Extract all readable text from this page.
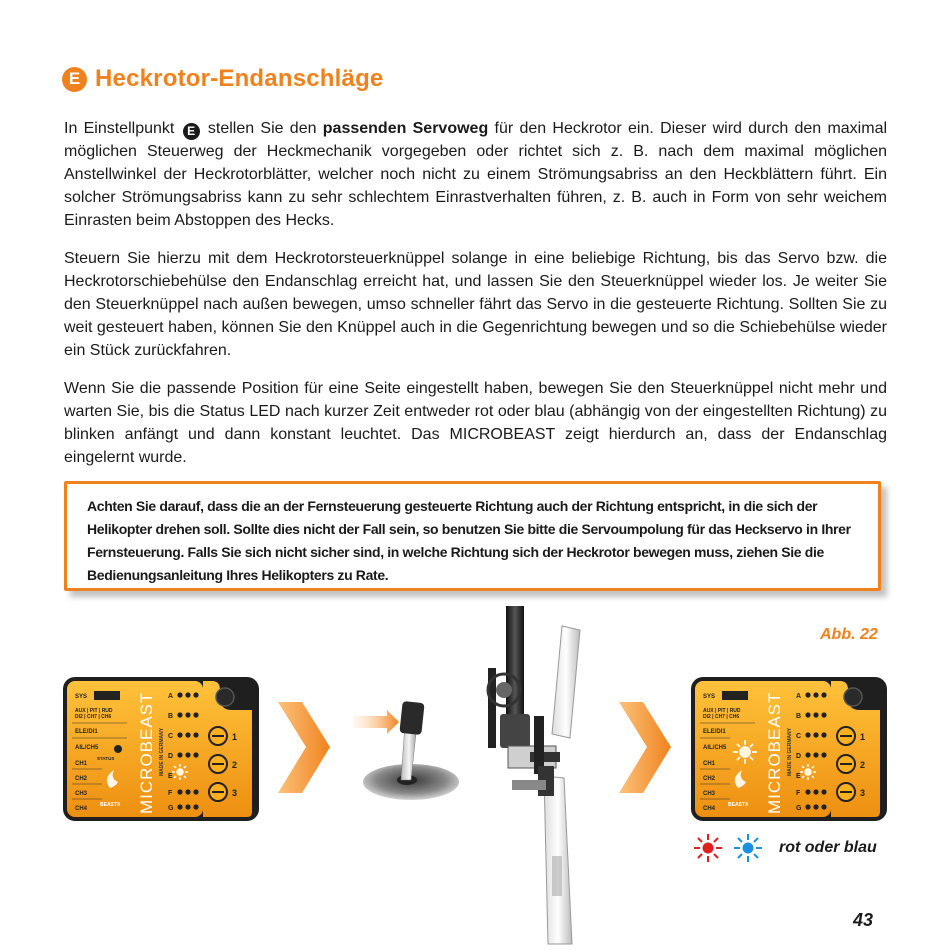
E Heckrotor-Endanschläge

In Einstellpunkt E stellen Sie den passenden Servoweg für den Heckrotor ein. Dieser wird durch den maximal möglichen Steuerweg der Heckmechanik vorgegeben oder richtet sich z. B. nach dem maximal möglichen Anstellwinkel der Heckrotorblätter, welcher noch nicht zu einem Strömungsabriss an den Heckblättern führt. Ein solcher Strömungsabriss kann zu sehr schlechtem Einrastverhalten führen, z. B. auch in Form von sehr weichem Einrasten beim Abstoppen des Hecks.

Steuern Sie hierzu mit dem Heckrotorsteuerknüppel solange in eine beliebige Richtung, bis das Servo bzw. die Heckrotorschiebehülse den Endanschlag erreicht hat, und lassen Sie den Steuerknüppel wieder los. Je weiter Sie den Steuerknüppel nach außen bewegen, umso schneller fährt das Servo in die gesteuerte Richtung. Sollten Sie zu weit gesteuert haben, können Sie den Knüppel auch in die Gegenrichtung bewegen und so die Schiebehülse wieder ein Stück zurückfahren.

Wenn Sie die passende Position für eine Seite eingestellt haben, bewegen Sie den Steuerknüppel nicht mehr und warten Sie, bis die Status LED nach kurzer Zeit entweder rot oder blau (abhängig von der eingestellten Richtung) zu blinken anfängt und dann konstant leuchtet. Das MICROBEAST zeigt hierdurch an, dass der Endanschlag eingelernt wurde.

Achten Sie darauf, dass die an der Fernsteuerung gesteuerte Richtung auch der Richtung entspricht, in die sich der Helikopter drehen soll. Sollte dies nicht der Fall sein, so benutzen Sie bitte die Servoumpolung für das Heckservo in Ihrer Fernsteuerung. Falls Sie sich nicht sicher sind, in welche Richtung sich der Heckrotor bewegen muss, ziehen Sie die Bedienungsanleitung Ihres Helikopters zu Rate.

Abb. 22
SYS
AUX | PIT | RUD
DI2 | CH7 | CH6
ELE/DI1
AIL/CH5
CH1
CH2
CH3
CH4
STATUS
BEASTX MICROBEAST MADE IN GERMANY
A
B
C
D
E
F
G
1
2
3
SYS
AUX | PIT | RUD
DI2 | CH7 | CH6
ELE/DI1
AIL/CH5
CH1
CH2
CH3
CH4
BEASTX MICROBEAST MADE IN GERMANY
A
B
C
D
E
F
G
1
2
3
rot oder blau
43
